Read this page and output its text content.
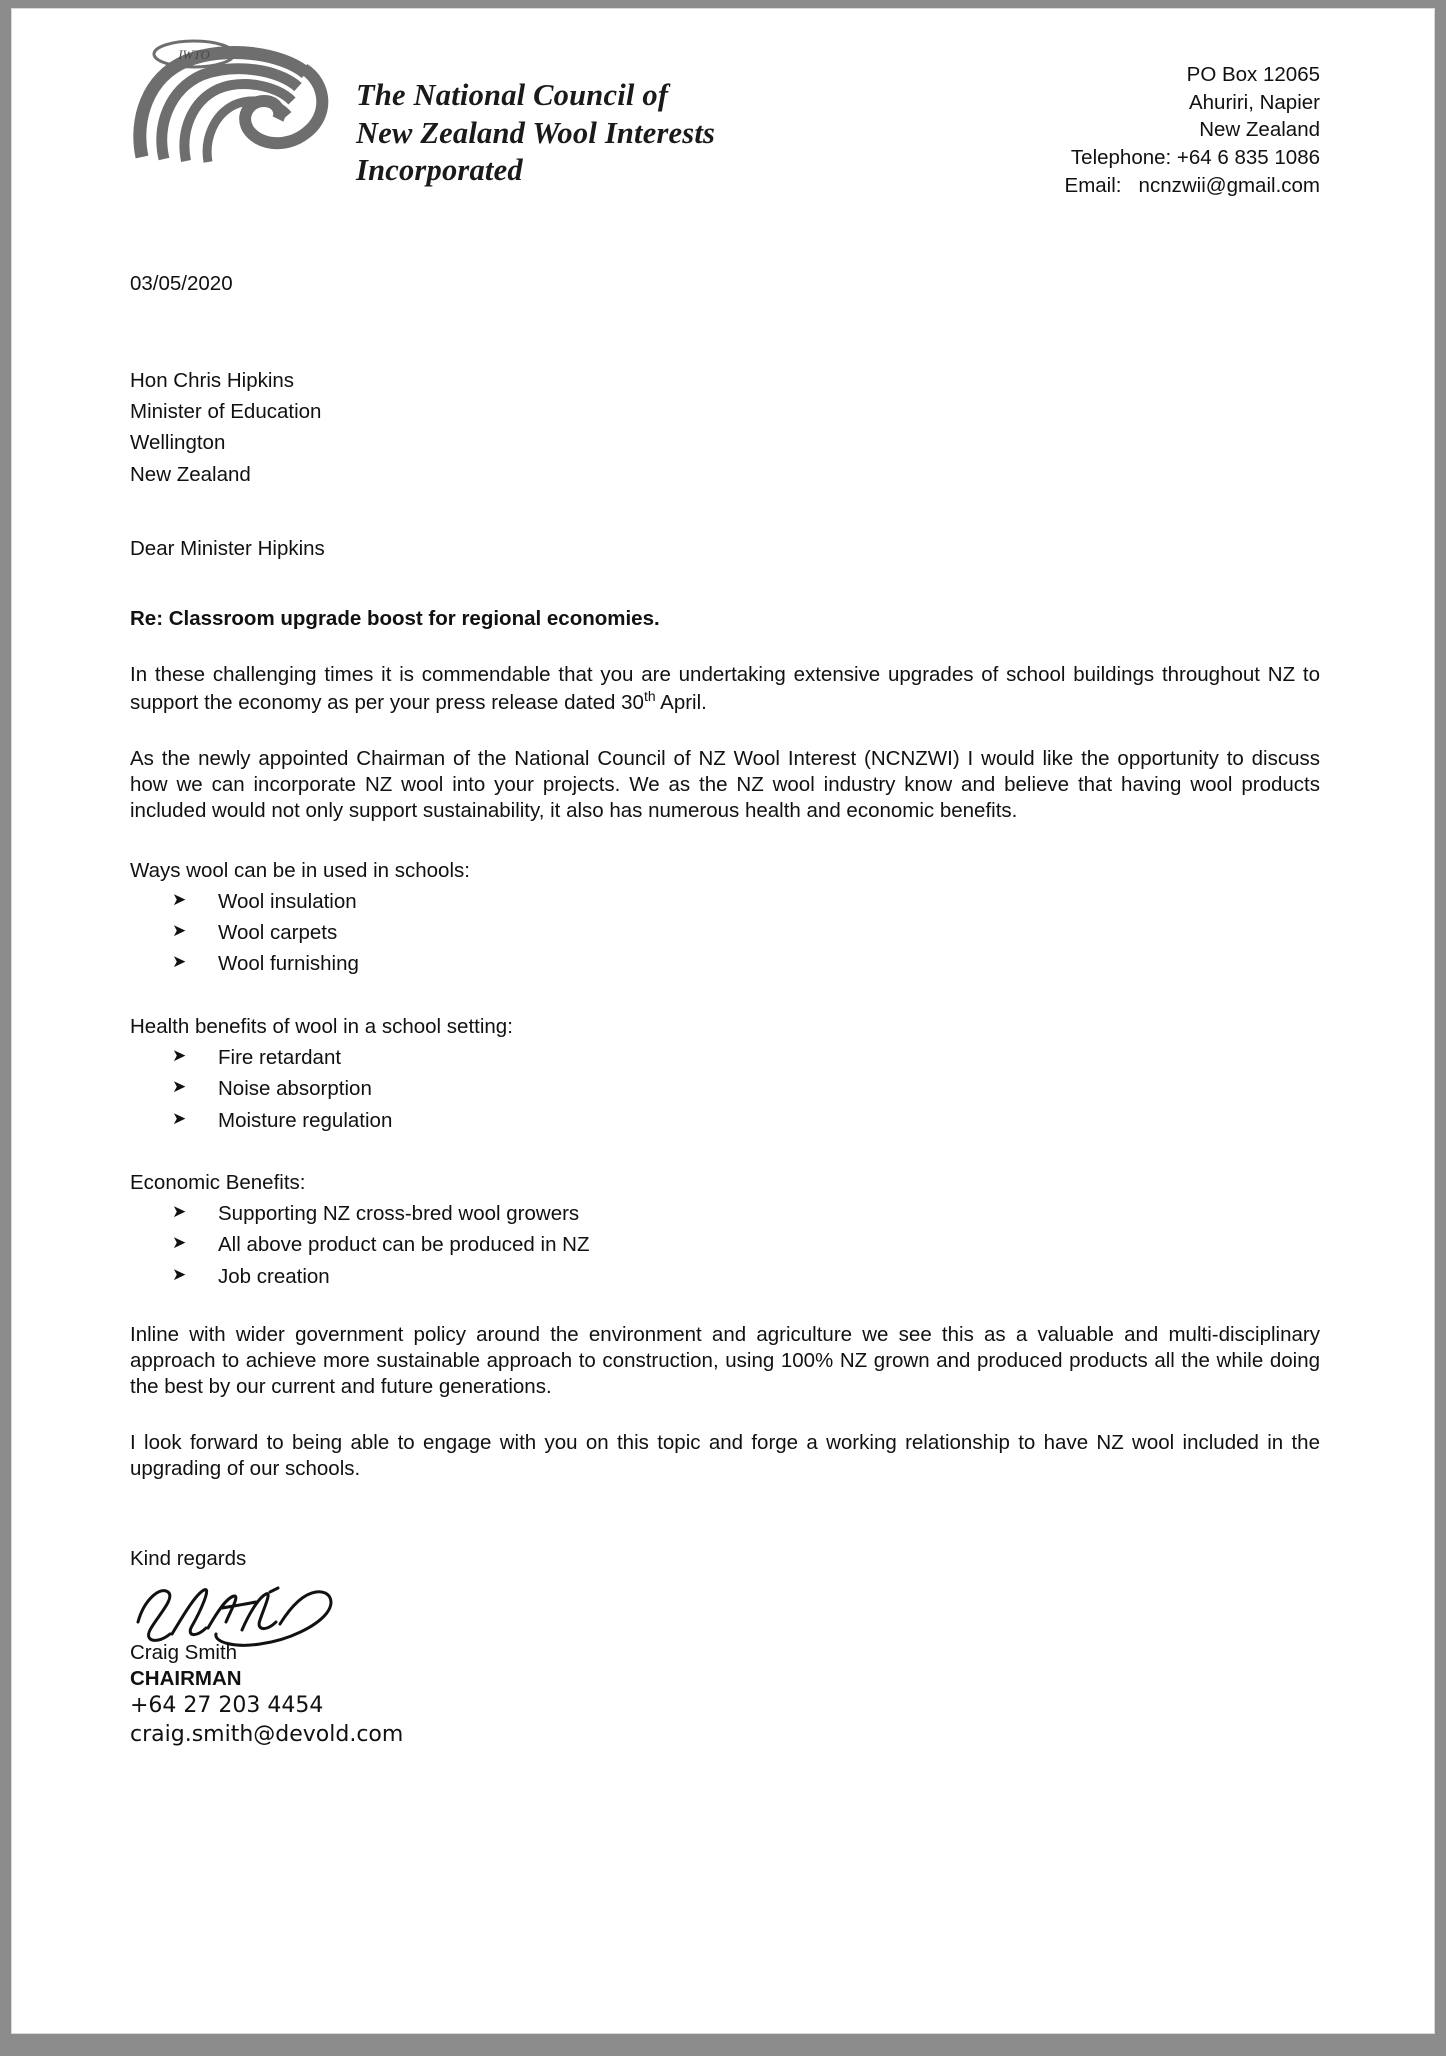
IWTO
The National Council of
New Zealand Wool Interests
Incorporated
PO Box 12065
Ahuriri, Napier
New Zealand
Telephone: +64 6 835 1086
Email:   ncnzwii@gmail.com
03/05/2020
Hon Chris Hipkins
Minister of Education
Wellington
New Zealand
Dear Minister Hipkins
Re: Classroom upgrade boost for regional economies.

In these challenging times it is commendable that you are undertaking extensive upgrades of school buildings throughout NZ to support the economy as per your press release dated 30th April.

As the newly appointed Chairman of the National Council of NZ Wool Interest (NCNZWI) I would like the opportunity to discuss how we can incorporate NZ wool into your projects. We as the NZ wool industry know and believe that having wool products included would not only support sustainability, it also has numerous health and economic benefits.

Ways wool can be in used in schools:

➤ Wool insulation
➤ Wool carpets
➤ Wool furnishing

Health benefits of wool in a school setting:

➤ Fire retardant
➤ Noise absorption
➤ Moisture regulation

Economic Benefits:

➤ Supporting NZ cross-bred wool growers
➤ All above product can be produced in NZ
➤ Job creation

Inline with wider government policy around the environment and agriculture we see this as a valuable and multi-disciplinary approach to achieve more sustainable approach to construction, using 100% NZ grown and produced products all the while doing the best by our current and future generations.

I look forward to being able to engage with you on this topic and forge a working relationship to have NZ wool included in the upgrading of our schools.

Kind regards
Craig Smith
CHAIRMAN
+64 27 203 4454
craig.smith@devold.com
